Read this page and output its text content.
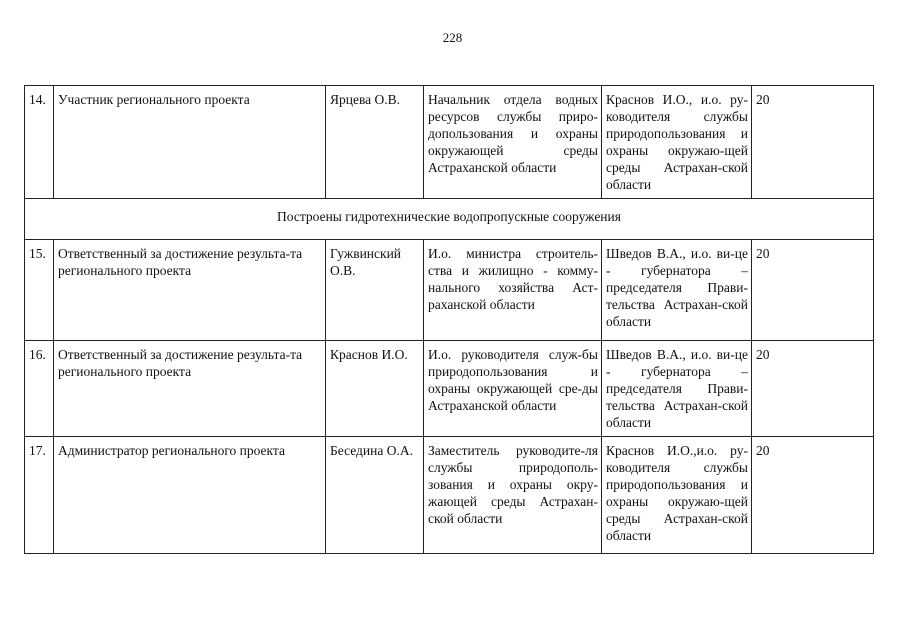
228
14.	Участник регионального проекта	Ярцева О.В.	Начальник отдела водных ресурсов службы приро-допользования и охраны окружающей среды Астраханской области	Краснов И.О., и.о. ру-ководителя службы природопользования и охраны окружаю-щей среды Астрахан-ской области	20
Построены гидротехнические водопропускные сооружения					
15.	Ответственный за достижение результа-та регионального проекта	Гужвинский О.В.	И.о. министра строитель-ства и жилищно - комму-нального хозяйства Аст-раханской области	Шведов В.А., и.о. ви-це - губернатора – председателя Прави-тельства Астрахан-ской области	20
16.	Ответственный за достижение результа-та регионального проекта	Краснов И.О.	И.о. руководителя служ-бы природопользования и охраны окружающей сре-ды Астраханской области	Шведов В.А., и.о. ви-це - губернатора – председателя Прави-тельства Астрахан-ской области	20
17.	Администратор регионального проекта	Беседина О.А.	Заместитель руководите-ля службы природополь-зования и охраны окру-жающей среды Астрахан-ской области	Краснов И.О.,и.о. ру-ководителя службы природопользования и охраны окружаю-щей среды Астрахан-ской области	20
